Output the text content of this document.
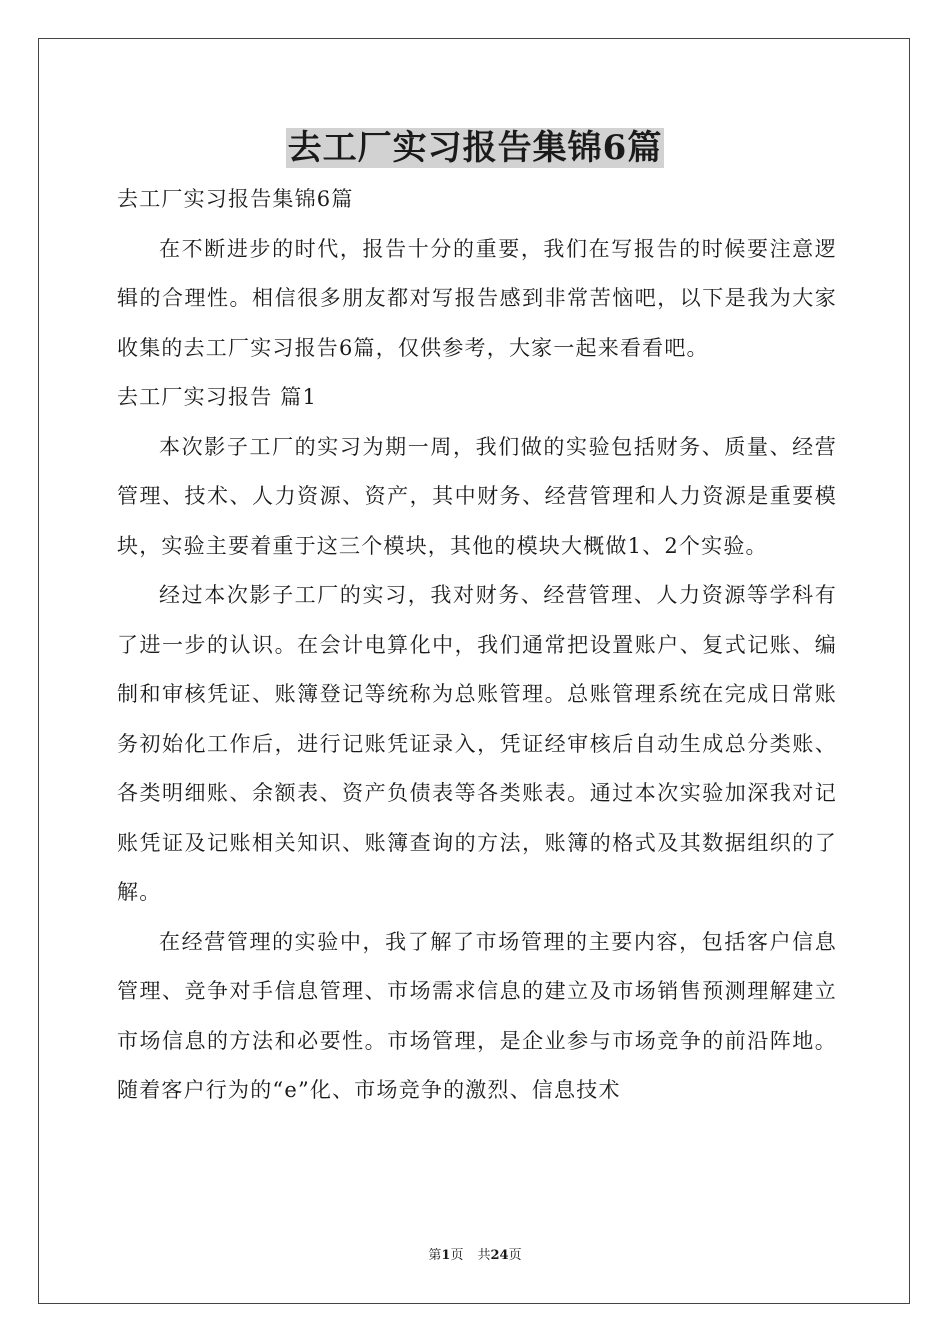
去工厂实习报告集锦6篇

去工厂实习报告集锦6篇

在不断进步的时代，报告十分的重要，我们在写报告的时候要注意逻辑的合理性。相信很多朋友都对写报告感到非常苦恼吧，以下是我为大家收集的去工厂实习报告6篇，仅供参考，大家一起来看看吧。

去工厂实习报告 篇1

本次影子工厂的实习为期一周，我们做的实验包括财务、质量、经营管理、技术、人力资源、资产，其中财务、经营管理和人力资源是重要模块，实验主要着重于这三个模块，其他的模块大概做1、2个实验。

经过本次影子工厂的实习，我对财务、经营管理、人力资源等学科有了进一步的认识。在会计电算化中，我们通常把设置账户、复式记账、编制和审核凭证、账簿登记等统称为总账管理。总账管理系统在完成日常账务初始化工作后，进行记账凭证录入，凭证经审核后自动生成总分类账、各类明细账、余额表、资产负债表等各类账表。通过本次实验加深我对记账凭证及记账相关知识、账簿查询的方法，账簿的格式及其数据组织的了解。

在经营管理的实验中，我了解了市场管理的主要内容，包括客户信息管理、竞争对手信息管理、市场需求信息的建立及市场销售预测理解建立市场信息的方法和必要性。市场管理，是企业参与市场竞争的前沿阵地。随着客户行为的“e”化、市场竞争的激烈、信息技术

第1页 共24页
